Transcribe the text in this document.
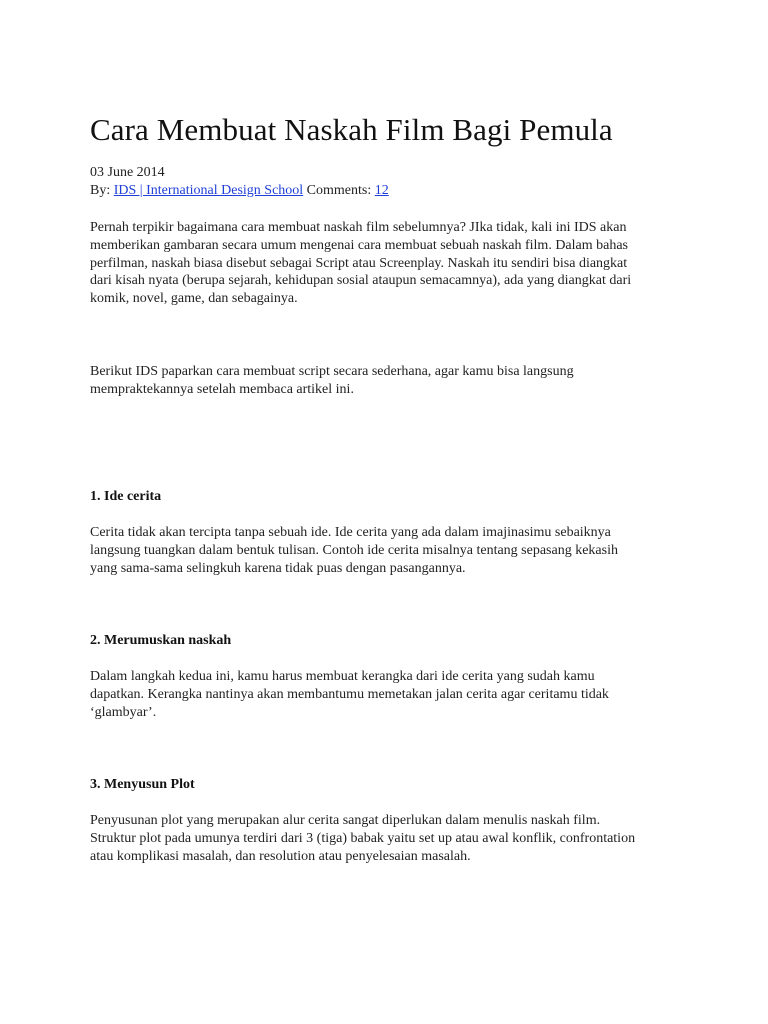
Cara Membuat Naskah Film Bagi Pemula
03 June 2014
By: IDS | International Design School Comments: 12

Pernah terpikir bagaimana cara membuat naskah film sebelumnya? JIka tidak, kali ini IDS akan
memberikan gambaran secara umum mengenai cara membuat sebuah naskah film. Dalam bahas
perfilman, naskah biasa disebut sebagai Script atau Screenplay. Naskah itu sendiri bisa diangkat
dari kisah nyata (berupa sejarah, kehidupan sosial ataupun semacamnya), ada yang diangkat dari
komik, novel, game, dan sebagainya.

Berikut IDS paparkan cara membuat script secara sederhana, agar kamu bisa langsung
mempraktekannya setelah membaca artikel ini.

1. Ide cerita

Cerita tidak akan tercipta tanpa sebuah ide. Ide cerita yang ada dalam imajinasimu sebaiknya
langsung tuangkan dalam bentuk tulisan. Contoh ide cerita misalnya tentang sepasang kekasih
yang sama-sama selingkuh karena tidak puas dengan pasangannya.

2. Merumuskan naskah

Dalam langkah kedua ini, kamu harus membuat kerangka dari ide cerita yang sudah kamu
dapatkan. Kerangka nantinya akan membantumu memetakan jalan cerita agar ceritamu tidak
‘glambyar’.

3. Menyusun Plot

Penyusunan plot yang merupakan alur cerita sangat diperlukan dalam menulis naskah film.
Struktur plot pada umunya terdiri dari 3 (tiga) babak yaitu set up atau awal konflik, confrontation
atau komplikasi masalah, dan resolution atau penyelesaian masalah.
